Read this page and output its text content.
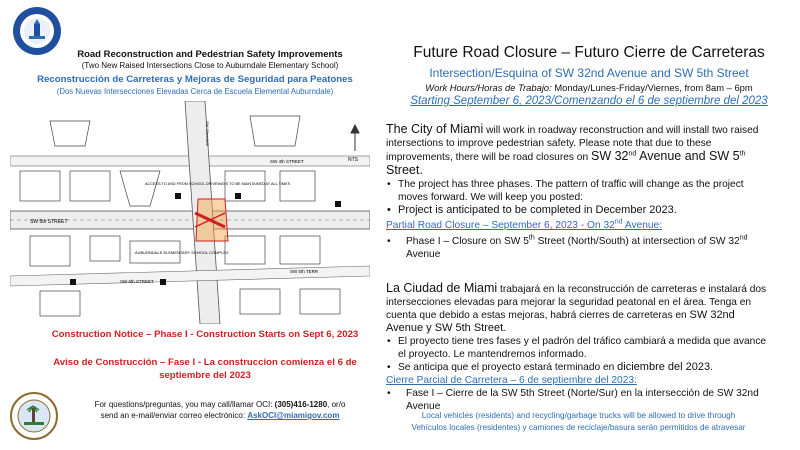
Road Reconstruction and Pedestrian Safety Improvements
(Two New Raised Intersections Close to Auburndale Elementary School)
Reconstrucción de Carreteras y Mejoras de Seguridad para Peatones
(Dos Nuevas Intersecciones Elevadas Cerca de Escuela Elemental Auburndale)
SW 4th STREET
SW 5th STREET
SW 5th TERR
SW 6th STREET
ACCESS TO AND FROM SCHOOL DRIVEWAYS TO BE MAINTAINED AT ALL TIMES
AUBURNDALE ELEMENTARY SCHOOL COMPLEX
SW 32nd AVE
NTS
Construction Notice – Phase I - Construction Starts on Sept 6, 2023
Aviso de Construcción – Fase I - La construccion comienza el 6 de septiembre del 2023
For questions/preguntas, you may call/llamar OCI: (305)416-1280, or/o
send an e-mail/enviar correo electrónico: AskOCI@miamigov.com
Future Road Closure – Futuro Cierre de Carreteras
Intersection/Esquina of SW 32nd Avenue and SW 5th Street
Work Hours/Horas de Trabajo: Monday/Lunes-Friday/Viernes, from 8am – 6pm
Starting September 6, 2023/Comenzando el 6 de septiembre del 2023
The City of Miami will work in roadway reconstruction and will install two raised intersections to improve pedestrian safety. Please note that due to these improvements, there will be road closures on SW 32nd Avenue and SW 5th Street.
• The project has three phases. The pattern of traffic will change as the project moves forward. We will keep you posted:
• Project is anticipated to be completed in December 2023.
Partial Road Closure – September 6, 2023 - On 32nd Avenue:
• Phase I – Closure on SW 5th Street (North/South) at intersection of SW 32nd Avenue
La Ciudad de Miami trabajará en la reconstrucción de carreteras e instalará dos intersecciones elevadas para mejorar la seguridad peatonal en el área. Tenga en cuenta que debido a estas mejoras, habrá cierres de carreteras en SW 32nd Avenue y SW 5th Street.
• El proyecto tiene tres fases y el padrón del tráfico cambiará a medida que avance el proyecto. Le mantendremos informado.
• Se anticipa que el proyecto estará terminado en diciembre del 2023.
Cierre Parcial de Carretera – 6 de septiembre del 2023:
• Fase I – Cierre de la SW 5th Street (Norte/Sur) en la intersección de SW 32nd Avenue
Local vehicles (residents) and recycling/garbage trucks will be allowed to drive through
Vehículos locales (residentes) y camiones de reciclaje/basura serán permitidos de atravesar
